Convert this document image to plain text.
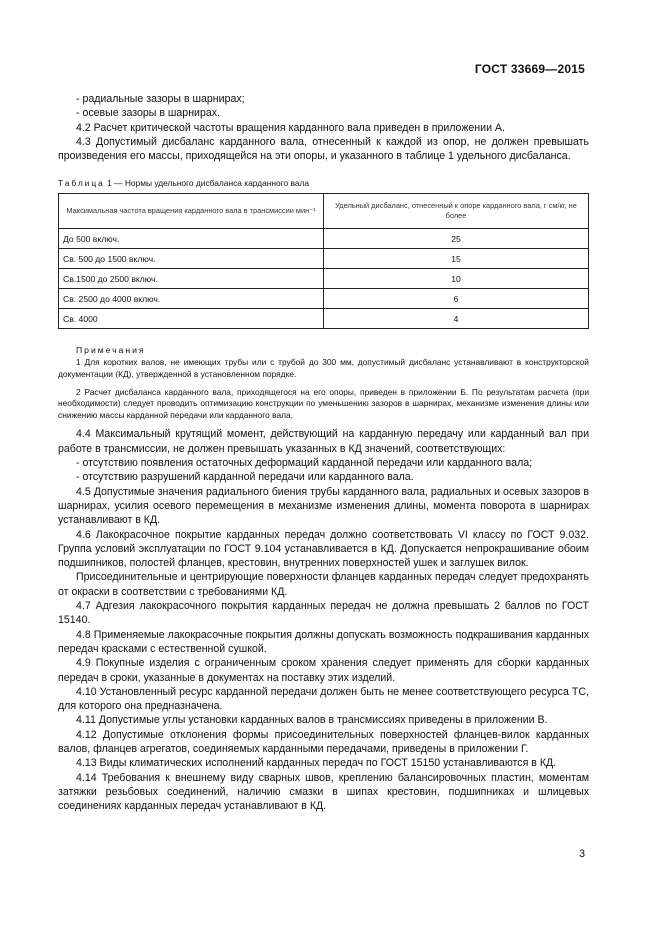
ГОСТ 33669—2015

- радиальные зазоры в шарнирах;

- осевые зазоры в шарнирах.

4.2 Расчет критической частоты вращения карданного вала приведен в приложении А.

4.3 Допустимый дисбаланс карданного вала, отнесенный к каждой из опор, не должен превышать произведения его массы, приходящейся на эти опоры, и указанного в таблице 1 удельного дисбаланса.

Таблица 1 — Нормы удельного дисбаланса карданного вала
Максимальная частота вращения карданного вала в трансмиссии мин⁻¹	Удельный дисбаланс, отнесенный к опоре карданного вала, г см/кг, не более
До 500 включ.	25
Св. 500 до 1500 включ.	15
Св.1500 до 2500 включ.	10
Св. 2500 до 4000 включ.	6
Св. 4000	4
Примечания

1 Для коротких валов, не имеющих трубы или с трубой до 300 мм, допустимый дисбаланс устанавливают в конструкторской документации (КД), утвержденной в установленном порядке.

2 Расчет дисбаланса карданного вала, приходящегося на его опоры, приведен в приложении Б. По результатам расчета (при необходимости) следует проводить оптимизацию конструкции по уменьшению зазоров в шарнирах, механизме изменения длины или снижению массы карданной передачи или карданного вала.

4.4 Максимальный крутящий момент, действующий на карданную передачу или карданный вал при работе в трансмиссии, не должен превышать указанных в КД значений, соответствующих:

- отсутствию появления остаточных деформаций карданной передачи или карданного вала;

- отсутствию разрушений карданной передачи или карданного вала.

4.5 Допустимые значения радиального биения трубы карданного вала, радиальных и осевых зазоров в шарнирах, усилия осевого перемещения в механизме изменения длины, момента поворота в шарнирах устанавливают в КД.

4.6 Лакокрасочное покрытие карданных передач должно соответствовать VI классу по ГОСТ 9.032. Группа условий эксплуатации по ГОСТ 9.104 устанавливается в КД. Допускается непрокрашивание обоим подшипников, полостей фланцев, крестовин, внутренних поверхностей ушек и заглушек вилок.

Присоединительные и центрирующие поверхности фланцев карданных передач следует предохранять от окраски в соответствии с требованиями КД.

4.7 Адгезия лакокрасочного покрытия карданных передач не должна превышать 2 баллов по ГОСТ 15140.

4.8 Применяемые лакокрасочные покрытия должны допускать возможность подкрашивания карданных передач красками с естественной сушкой.

4.9 Покупные изделия с ограниченным сроком хранения следует применять для сборки карданных передач в сроки, указанные в документах на поставку этих изделий.

4.10 Установленный ресурс карданной передачи должен быть не менее соответствующего ресурса ТС, для которого она предназначена.

4.11 Допустимые углы установки карданных валов в трансмиссиях приведены в приложении В.

4.12 Допустимые отклонения формы присоединительных поверхностей фланцев-вилок карданных валов, фланцев агрегатов, соединяемых карданными передачами, приведены в приложении Г.

4.13 Виды климатических исполнений карданных передач по ГОСТ 15150 устанавливаются в КД.

4.14 Требования к внешнему виду сварных швов, креплению балансировочных пластин, моментам затяжки резьбовых соединений, наличию смазки в шипах крестовин, подшипниках и шлицевых соединениях карданных передач устанавливают в КД.

3
